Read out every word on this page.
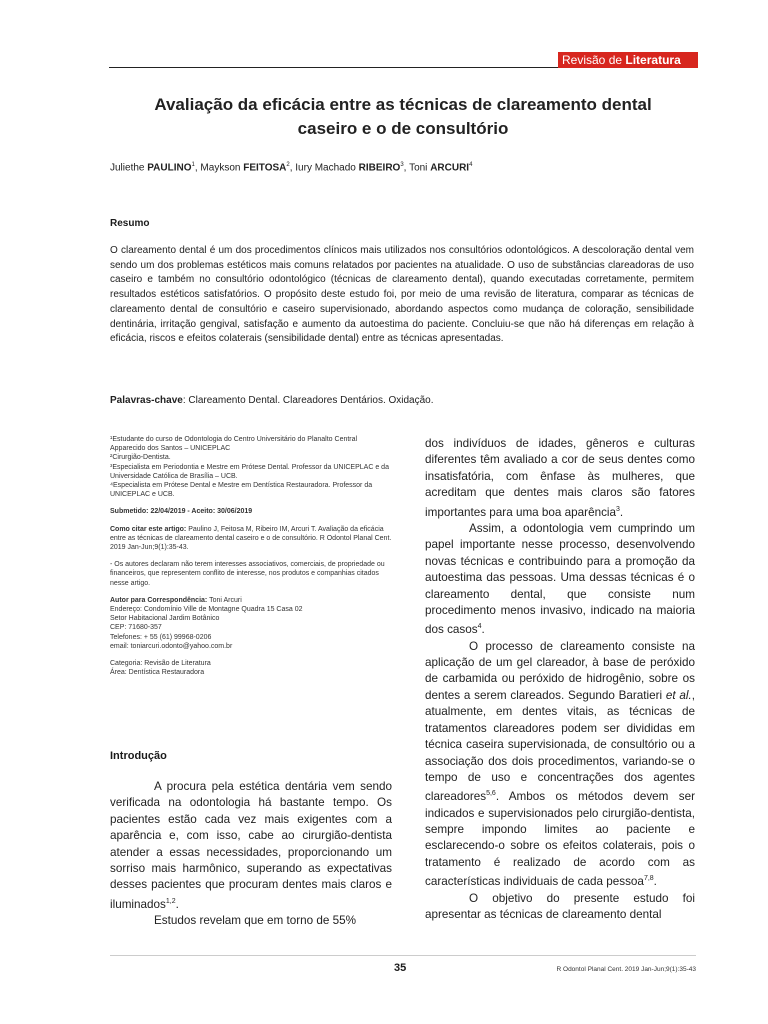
Revisão de Literatura
Avaliação da eficácia entre as técnicas de clareamento dental
caseiro e o de consultório
Juliethe PAULINO$^1$, Maykson FEITOSA$^2$, Iury Machado RIBEIRO$^3$, Toni ARCURI$^4$
Resumo
O clareamento dental é um dos procedimentos clínicos mais utilizados nos consultórios odontológicos. A descoloração dental vem sendo um dos problemas estéticos mais comuns relatados por pacientes na atualidade. O uso de substâncias clareadoras de uso caseiro e também no consultório odontológico (técnicas de clareamento dental), quando executadas corretamente, permitem resultados estéticos satisfatórios. O propósito deste estudo foi, por meio de uma revisão de literatura, comparar as técnicas de clareamento dental de consultório e caseiro supervisionado, abordando aspectos como mudança de coloração, sensibilidade dentinária, irritação gengival, satisfação e aumento da autoestima do paciente. Concluiu-se que não há diferenças em relação à eficácia, riscos e efeitos colaterais (sensibilidade dental) entre as técnicas apresentadas.
Palavras-chave: Clareamento Dental. Clareadores Dentários. Oxidação.

¹Estudante do curso de Odontologia do Centro Universitário do Planalto Central Apparecido dos Santos – UNICEPLAC
²Cirurgião-Dentista.
³Especialista em Periodontia e Mestre em Prótese Dental. Professor da UNICEPLAC e da Universidade Católica de Brasília – UCB.
⁴Especialista em Prótese Dental e Mestre em Dentística Restauradora. Professor da UNICEPLAC e UCB.

Submetido: 22/04/2019 - Aceito: 30/06/2019

Como citar este artigo: Paulino J, Feitosa M, Ribeiro IM, Arcuri T. Avaliação da eficácia entre as técnicas de clareamento dental caseiro e o de consultório. R Odontol Planal Cent. 2019 Jan-Jun;9(1):35-43.

- Os autores declaram não terem interesses associativos, comerciais, de propriedade ou financeiros, que representem conflito de interesse, nos produtos e companhias citados nesse artigo.

Autor para Correspondência: Toni Arcuri
Endereço: Condomínio Ville de Montagne Quadra 15 Casa 02
Setor Habitacional Jardim Botânico
CEP: 71680-357
Telefones: + 55 (61) 99968-0206
email: toniarcuri.odonto@yahoo.com.br

Categoria: Revisão de Literatura
Área: Dentística Restauradora

Introdução

A procura pela estética dentária vem sendo verificada na odontologia há bastante tempo. Os pacientes estão cada vez mais exigentes com a aparência e, com isso, cabe ao cirurgião-dentista atender a essas necessidades, proporcionando um sorriso mais harmônico, superando as expectativas desses pacientes que procuram dentes mais claros e iluminados$^{1,2}$.

Estudos revelam que em torno de 55%

dos indivíduos de idades, gêneros e culturas diferentes têm avaliado a cor de seus dentes como insatisfatória, com ênfase às mulheres, que acreditam que dentes mais claros são fatores importantes para uma boa aparência$^3$.

Assim, a odontologia vem cumprindo um papel importante nesse processo, desenvolvendo novas técnicas e contribuindo para a promoção da autoestima das pessoas. Uma dessas técnicas é o clareamento dental, que consiste num procedimento menos invasivo, indicado na maioria dos casos$^4$.

O processo de clareamento consiste na aplicação de um gel clareador, à base de peróxido de carbamida ou peróxido de hidrogênio, sobre os dentes a serem clareados. Segundo Baratieri et al., atualmente, em dentes vitais, as técnicas de tratamentos clareadores podem ser divididas em técnica caseira supervisionada, de consultório ou a associação dos dois procedimentos, variando-se o tempo de uso e concentrações dos agentes clareadores$^{5,6}$. Ambos os métodos devem ser indicados e supervisionados pelo cirurgião-dentista, sempre impondo limites ao paciente e esclarecendo-o sobre os efeitos colaterais, pois o tratamento é realizado de acordo com as características individuais de cada pessoa$^{7,8}$.

O objetivo do presente estudo foi apresentar as técnicas de clareamento dental

35	R Odontol Planal Cent. 2019 Jan-Jun;9(1):35-43
